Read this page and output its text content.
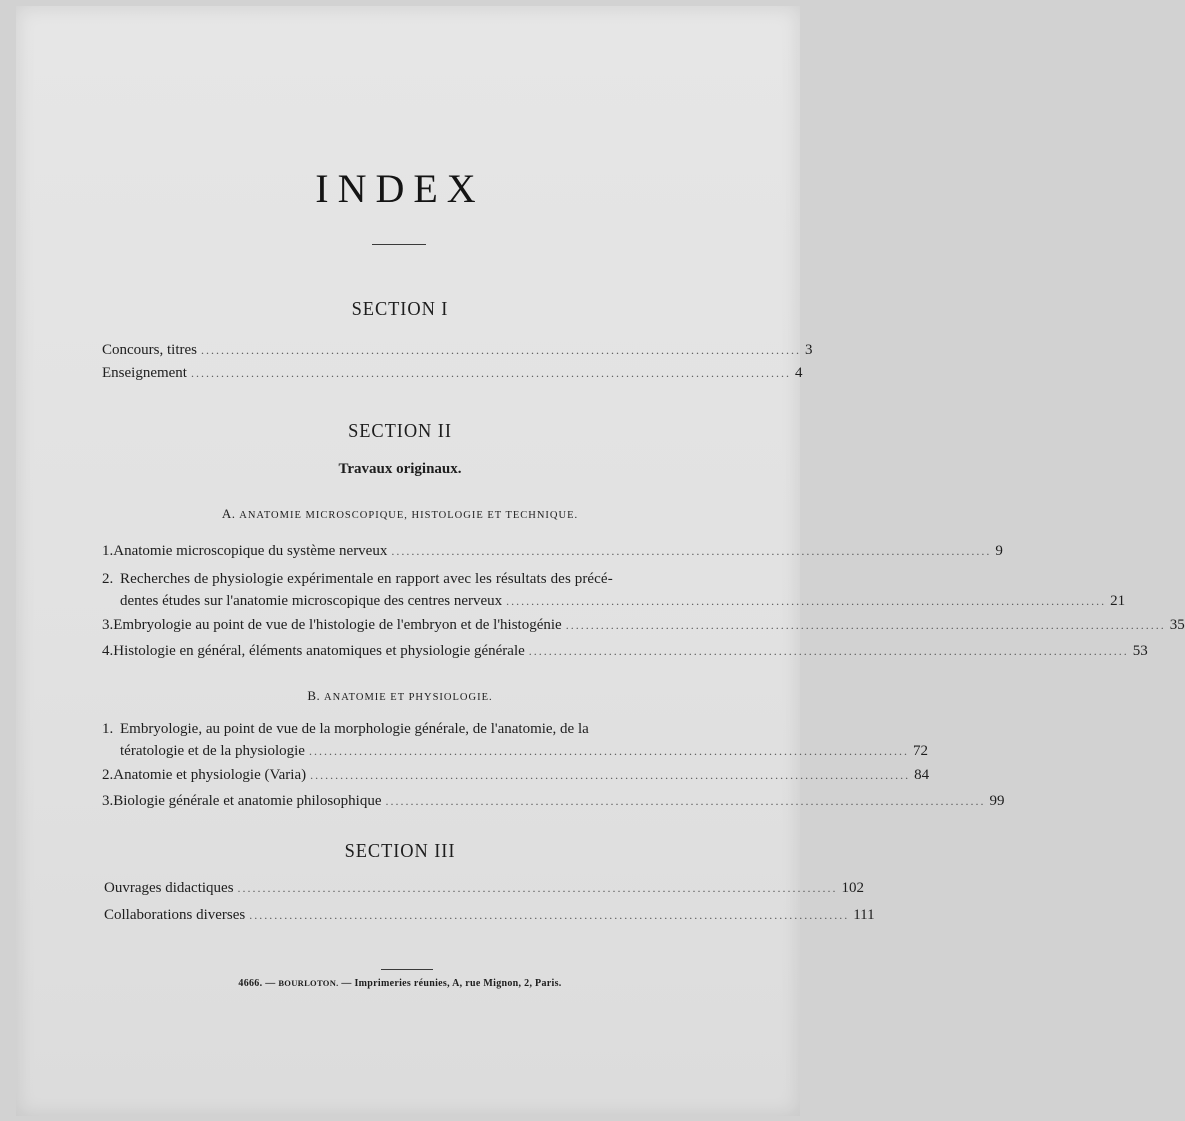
INDEX
SECTION I
Concours, titres ........................................................................................................................ 3
Enseignement ........................................................................................................................ 4
SECTION II
Travaux originaux.
A. ANATOMIE MICROSCOPIQUE, HISTOLOGIE ET TECHNIQUE.
1. Anatomie microscopique du système nerveux ........................................................................................................................ 9
2. Recherches de physiologie expérimentale en rapport avec les résultats des précé-
dentes études sur l'anatomie microscopique des centres nerveux ........................................................................................................................ 21
3. Embryologie au point de vue de l'histologie de l'embryon et de l'histogénie ........................................................................................................................ 35
4. Histologie en général, éléments anatomiques et physiologie générale ........................................................................................................................ 53
B. ANATOMIE ET PHYSIOLOGIE.
1. Embryologie, au point de vue de la morphologie générale, de l'anatomie, de la
tératologie et de la physiologie ........................................................................................................................ 72
2. Anatomie et physiologie (Varia) ........................................................................................................................ 84
3. Biologie générale et anatomie philosophique ........................................................................................................................ 99
SECTION III
Ouvrages didactiques ........................................................................................................................ 102
Collaborations diverses ........................................................................................................................ 111
4666. — BOURLOTON. — Imprimeries réunies, A, rue Mignon, 2, Paris.
